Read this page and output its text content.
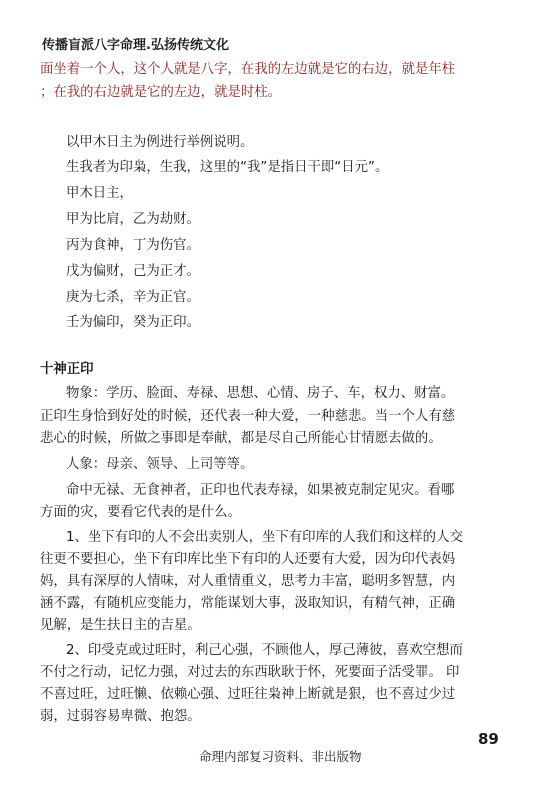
传播盲派八字命理.弘扬传统文化
面坐着一个人，这个人就是八字，在我的左边就是它的右边，就是年柱
；在我的右边就是它的左边，就是时柱。
以甲木日主为例进行举例说明。
生我者为印枭，生我，这里的“我”是指日干即“日元”。
甲木日主，
甲为比肩，乙为劫财。
丙为食神，丁为伤官。
戊为偏财，己为正才。
庚为七杀，辛为正官。
壬为偏印，癸为正印。
十神正印
物象：学历、脸面、寿禄、思想、心情、房子、车，权力、财富。
正印生身恰到好处的时候，还代表一种大爱，一种慈悲。当一个人有慈
悲心的时候，所做之事即是奉献，都是尽自己所能心甘情愿去做的。
人象：母亲、领导、上司等等。
命中无禄、无食神者，正印也代表寿禄，如果被克制定见灾。看哪
方面的灾，要看它代表的是什么。
1、坐下有印的人不会出卖别人，坐下有印库的人我们和这样的人交
往更不要担心，坐下有印库比坐下有印的人还要有大爱，因为印代表妈
妈，具有深厚的人情味，对人重情重义，思考力丰富，聪明多智慧，内
涵不露，有随机应变能力，常能谋划大事，汲取知识，有精气神，正确
见解，是生扶日主的吉星。
2、印受克或过旺时，利己心强，不顾他人，厚己薄彼，喜欢空想而
不付之行动，记忆力强，对过去的东西耿耿于怀，死要面子活受罪。 印
不喜过旺，过旺懒、依赖心强、过旺往枭神上断就是狠，也不喜过少过
弱，过弱容易卑微、抱怨。
命理内部复习资料、非出版物
89
